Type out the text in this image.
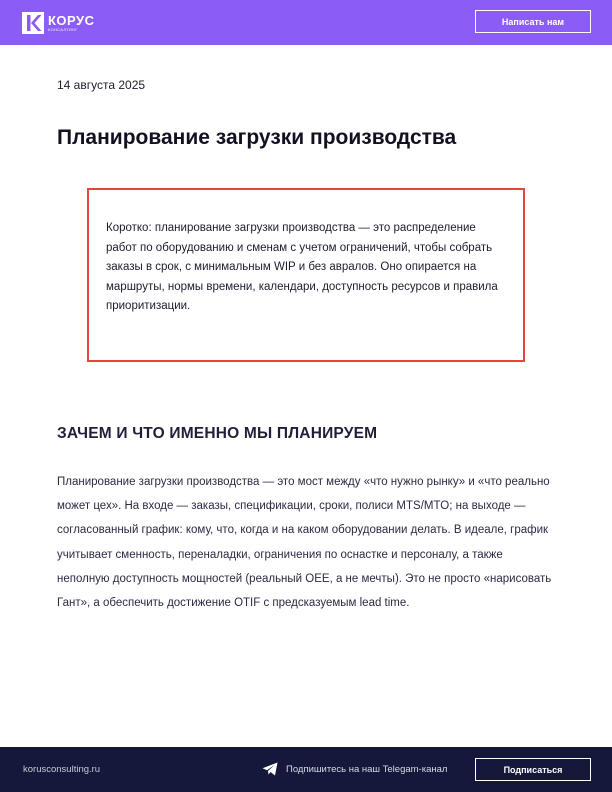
КОРУС
КОНСАЛТИНГ
Написать нам
14 августа 2025
Планирование загрузки производства

Коротко: планирование загрузки производства — это распределение работ по оборудованию и сменам с учетом ограничений, чтобы собрать заказы в срок, с минимальным WIP и без авралов. Оно опирается на маршруты, нормы времени, календари, доступность ресурсов и правила приоритизации.

ЗАЧЕМ И ЧТО ИМЕННО МЫ ПЛАНИРУЕМ

Планирование загрузки производства — это мост между «что нужно рынку» и «что реально может цех». На входе — заказы, спецификации, сроки, полиси MTS/MTO; на выходе — согласованный график: кому, что, когда и на каком оборудовании делать. В идеале, график учитывает сменность, переналадки, ограничения по оснастке и персоналу, а также неполную доступность мощностей (реальный OEE, а не мечты). Это не просто «нарисовать Гант», а обеспечить достижение OTIF с предсказуемым lead time.

korusconsulting.ru	Подпишитесь на наш Telegam-канал	Подписаться
